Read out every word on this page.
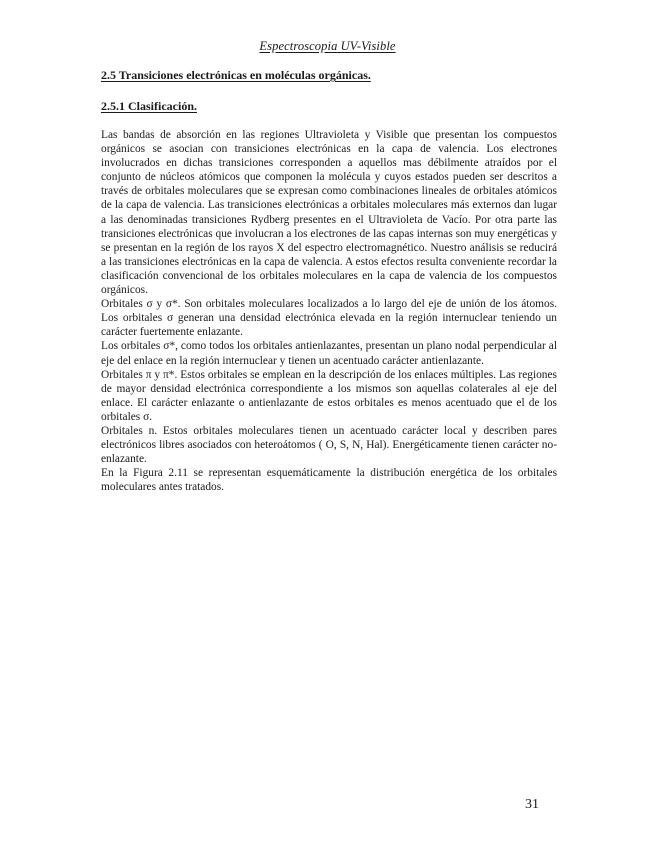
Espectroscopia UV-Visible
2.5 Transiciones electrónicas en moléculas orgánicas.
2.5.1 Clasificación.

Las bandas de absorción en las regiones Ultravioleta y Visible que presentan los compuestos orgánicos se asocian con transiciones electrónicas en la capa de valencia. Los electrones involucrados en dichas transiciones corresponden a aquellos mas débilmente atraídos por el conjunto de núcleos atómicos que componen la molécula y cuyos estados pueden ser descritos a través de orbitales moleculares que se expresan como combinaciones lineales de orbitales atómicos de la capa de valencia. Las transiciones electrónicas a orbitales moleculares más externos dan lugar a las denominadas transiciones Rydberg presentes en el Ultravioleta de Vacío. Por otra parte las transiciones electrónicas que involucran a los electrones de las capas internas son muy energéticas y se presentan en la región de los rayos X del espectro electromagnético. Nuestro análisis se reducirá a las transiciones electrónicas en la capa de valencia. A estos efectos resulta conveniente recordar la clasificación convencional de los orbitales moleculares en la capa de valencia de los compuestos orgánicos.

Orbitales σ y σ*. Son orbitales moleculares localizados a lo largo del eje de unión de los átomos. Los orbitales σ generan una densidad electrónica elevada en la región internuclear teniendo un carácter fuertemente enlazante.

Los orbitales σ*, como todos los orbitales antienlazantes, presentan un plano nodal perpendicular al eje del enlace en la región internuclear y tienen un acentuado carácter antienlazante.

Orbitales π y π*. Estos orbitales se emplean en la descripción de los enlaces múltiples. Las regiones de mayor densidad electrónica correspondiente a los mismos son aquellas colaterales al eje del enlace. El carácter enlazante o antienlazante de estos orbitales es menos acentuado que el de los orbitales σ.

Orbitales n. Estos orbitales moleculares tienen un acentuado carácter local y describen pares electrónicos libres asociados con heteroátomos ( O, S, N, Hal). Energéticamente tienen carácter no-enlazante.

En la Figura 2.11 se representan esquemáticamente la distribución energética de los orbitales moleculares antes tratados.

31
